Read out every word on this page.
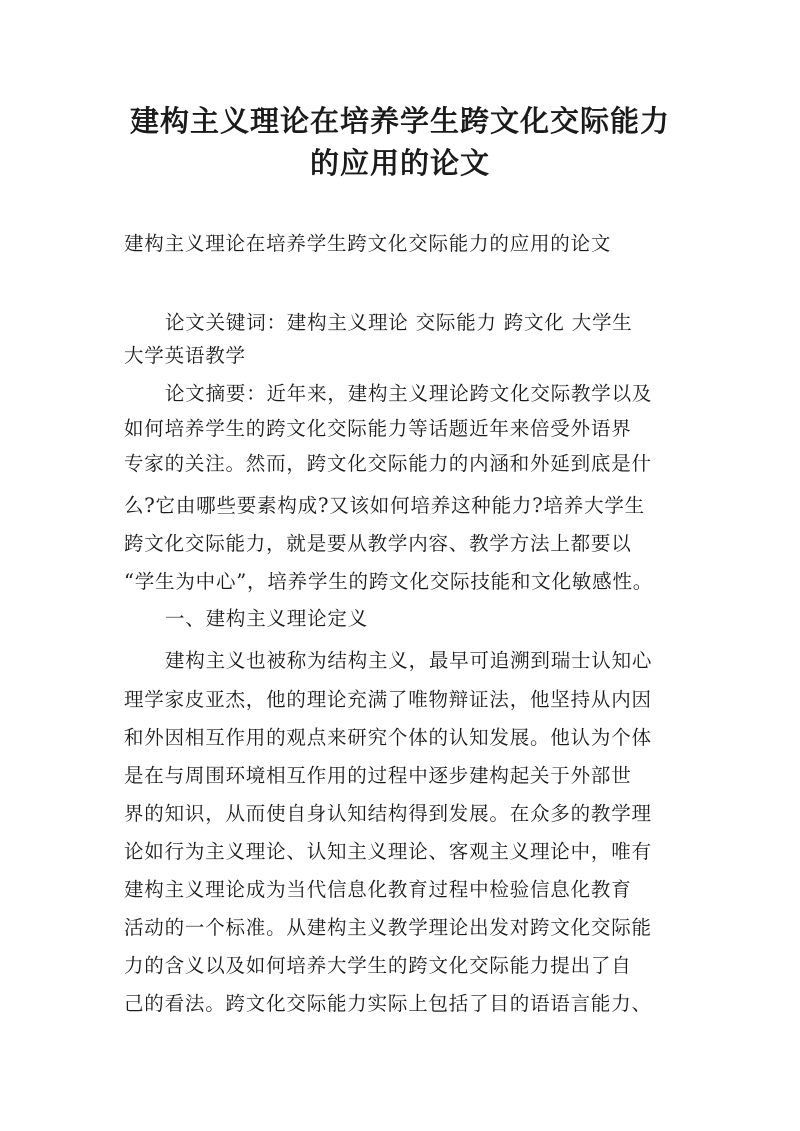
建构主义理论在培养学生跨文化交际能力
的应用的论文

建构主义理论在培养学生跨文化交际能力的应用的论文

论文关键词：建构主义理论 交际能力 跨文化 大学生

大学英语教学

论文摘要：近年来，建构主义理论跨文化交际教学以及

如何培养学生的跨文化交际能力等话题近年来倍受外语界

专家的关注。然而，跨文化交际能力的内涵和外延到底是什

么?它由哪些要素构成?又该如何培养这种能力?培养大学生

跨文化交际能力，就是要从教学内容、教学方法上都要以

“学生为中心”，培养学生的跨文化交际技能和文化敏感性。

一、建构主义理论定义

建构主义也被称为结构主义，最早可追溯到瑞士认知心

理学家皮亚杰，他的理论充满了唯物辩证法，他坚持从内因

和外因相互作用的观点来研究个体的认知发展。他认为个体

是在与周围环境相互作用的过程中逐步建构起关于外部世

界的知识，从而使自身认知结构得到发展。在众多的教学理

论如行为主义理论、认知主义理论、客观主义理论中，唯有

建构主义理论成为当代信息化教育过程中检验信息化教育

活动的一个标准。从建构主义教学理论出发对跨文化交际能

力的含义以及如何培养大学生的跨文化交际能力提出了自

己的看法。跨文化交际能力实际上包括了目的语语言能力、
